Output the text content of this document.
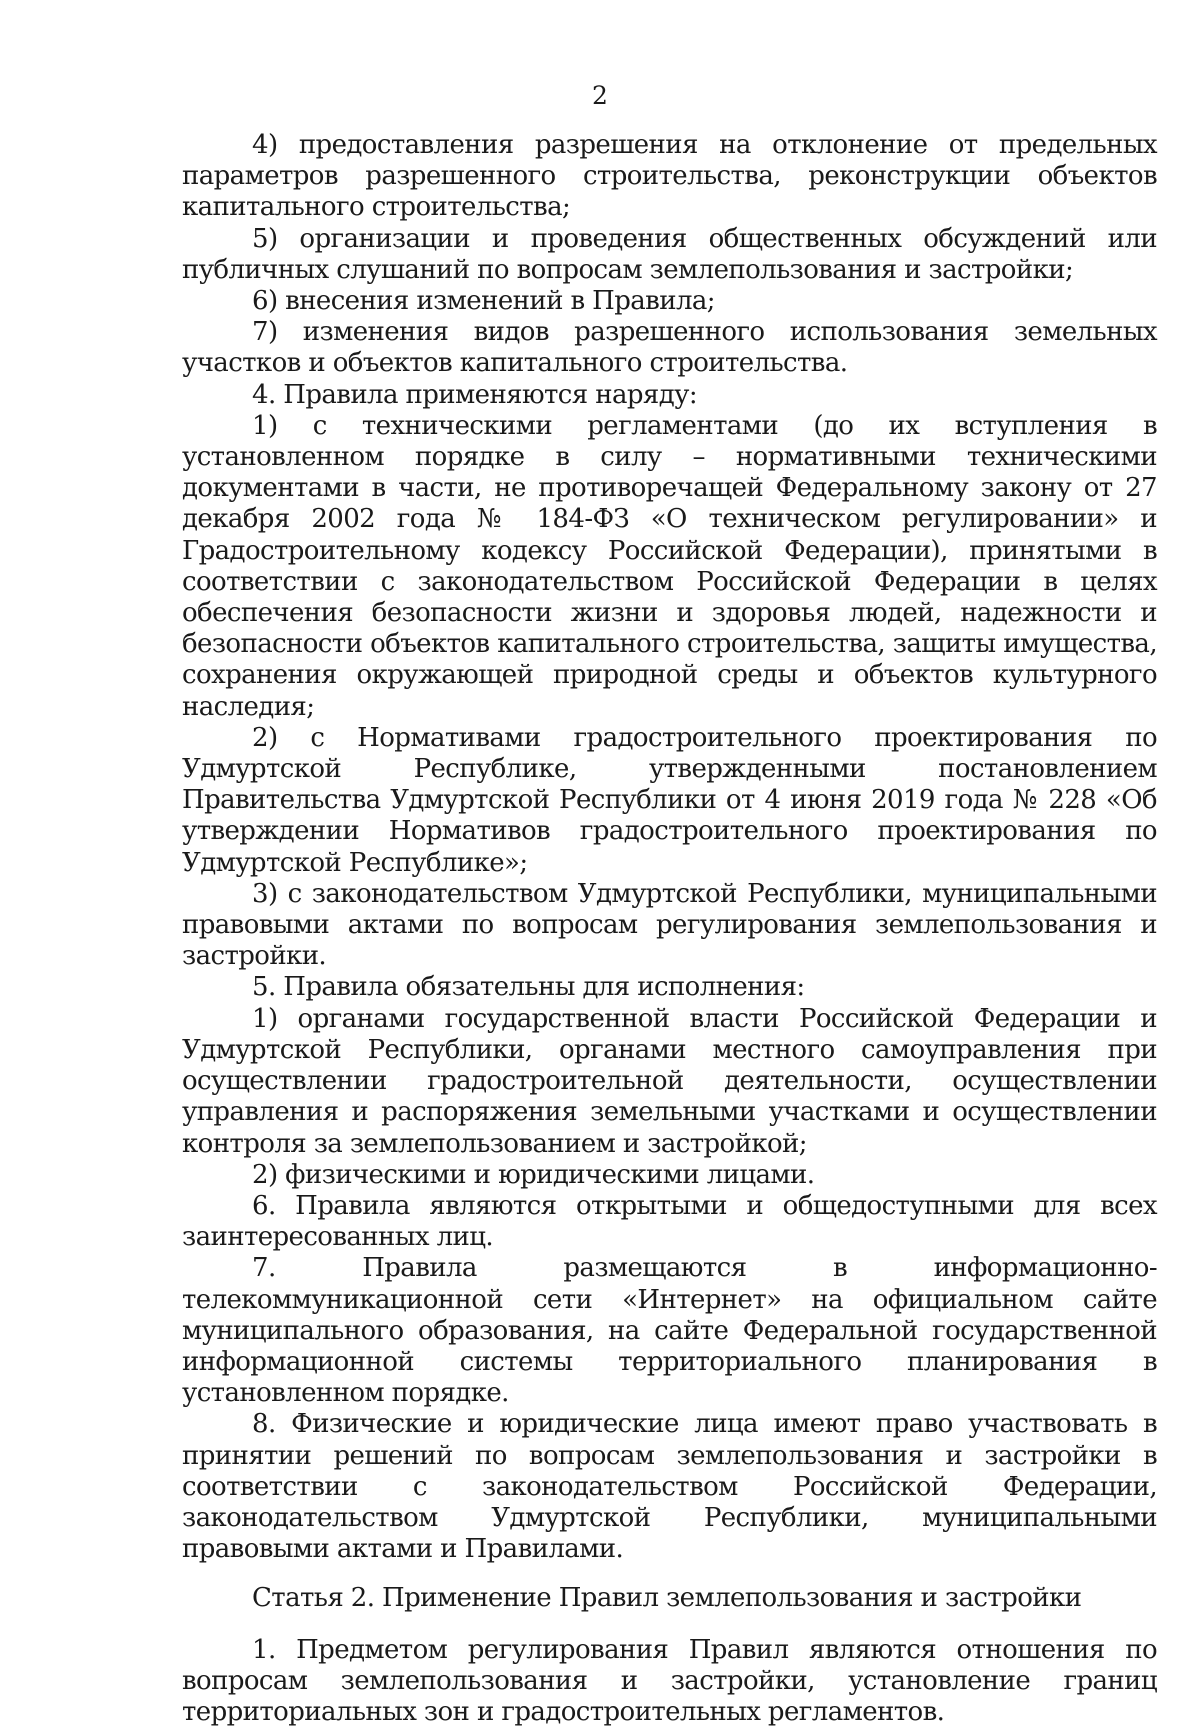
2

4) предоставления разрешения на отклонение от предельных параметров разрешенного строительства, реконструкции объектов капитального строительства;

5) организации и проведения общественных обсуждений или публичных слушаний по вопросам землепользования и застройки;

6) внесения изменений в Правила;

7) изменения видов разрешенного использования земельных участков и объектов капитального строительства.

4. Правила применяются наряду:

1) с техническими регламентами (до их вступления в установленном порядке в силу – нормативными техническими документами в части, не противоречащей Федеральному закону от 27 декабря 2002 года № 184-ФЗ «О техническом регулировании» и Градостроительному кодексу Российской Федерации), принятыми в соответствии с законодательством Российской Федерации в целях обеспечения безопасности жизни и здоровья людей, надежности и безопасности объектов капитального строительства, защиты имущества, сохранения окружающей природной среды и объектов культурного наследия;

2) с Нормативами градостроительного проектирования по Удмуртской Республике, утвержденными постановлением Правительства Удмуртской Республики от 4 июня 2019 года № 228 «Об утверждении Нормативов градостроительного проектирования по Удмуртской Республике»;

3) с законодательством Удмуртской Республики, муниципальными правовыми актами по вопросам регулирования землепользования и застройки.

5. Правила обязательны для исполнения:

1) органами государственной власти Российской Федерации и Удмуртской Республики, органами местного самоуправления при осуществлении градостроительной деятельности, осуществлении управления и распоряжения земельными участками и осуществлении контроля за землепользованием и застройкой;

2) физическими и юридическими лицами.

6. Правила являются открытыми и общедоступными для всех заинтересованных лиц.

7. Правила размещаются в информационно-телекоммуникационной сети «Интернет» на официальном сайте муниципального образования, на сайте Федеральной государственной информационной системы территориального планирования в установленном порядке.

8. Физические и юридические лица имеют право участвовать в принятии решений по вопросам землепользования и застройки в соответствии с законодательством Российской Федерации, законодательством Удмуртской Республики, муниципальными правовыми актами и Правилами.

Статья 2. Применение Правил землепользования и застройки

1. Предметом регулирования Правил являются отношения по вопросам землепользования и застройки, установление границ территориальных зон и градостроительных регламентов.
